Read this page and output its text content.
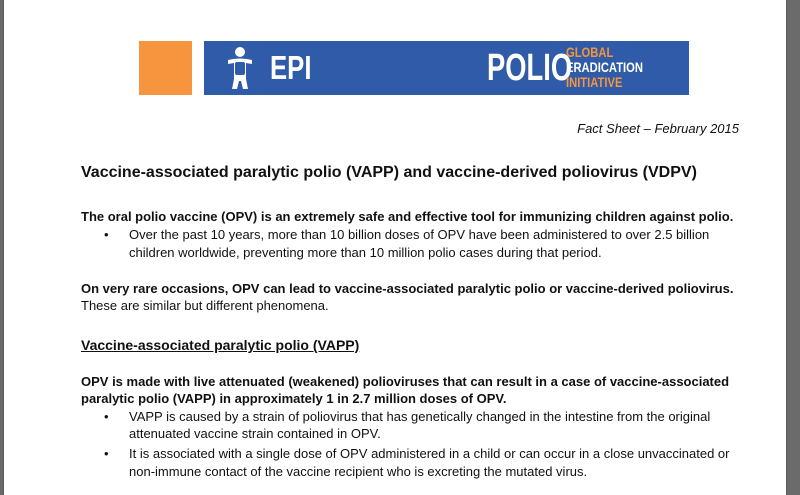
EPI	POLIO
GLOBAL
ERADICATION
INITIATIVE
Fact Sheet – February 2015
Vaccine-associated paralytic polio (VAPP) and vaccine-derived poliovirus (VDPV)
The oral polio vaccine (OPV) is an extremely safe and effective tool for immunizing children against polio.
• Over the past 10 years, more than 10 billion doses of OPV have been administered to over 2.5 billion
children worldwide, preventing more than 10 million polio cases during that period.
On very rare occasions, OPV can lead to vaccine-associated paralytic polio or vaccine-derived poliovirus.
These are similar but different phenomena.
Vaccine-associated paralytic polio (VAPP)
OPV is made with live attenuated (weakened) polioviruses that can result in a case of vaccine-associated
paralytic polio (VAPP) in approximately 1 in 2.7 million doses of OPV.
• VAPP is caused by a strain of poliovirus that has genetically changed in the intestine from the original
attenuated vaccine strain contained in OPV.
• It is associated with a single dose of OPV administered in a child or can occur in a close unvaccinated or
non-immune contact of the vaccine recipient who is excreting the mutated virus.
